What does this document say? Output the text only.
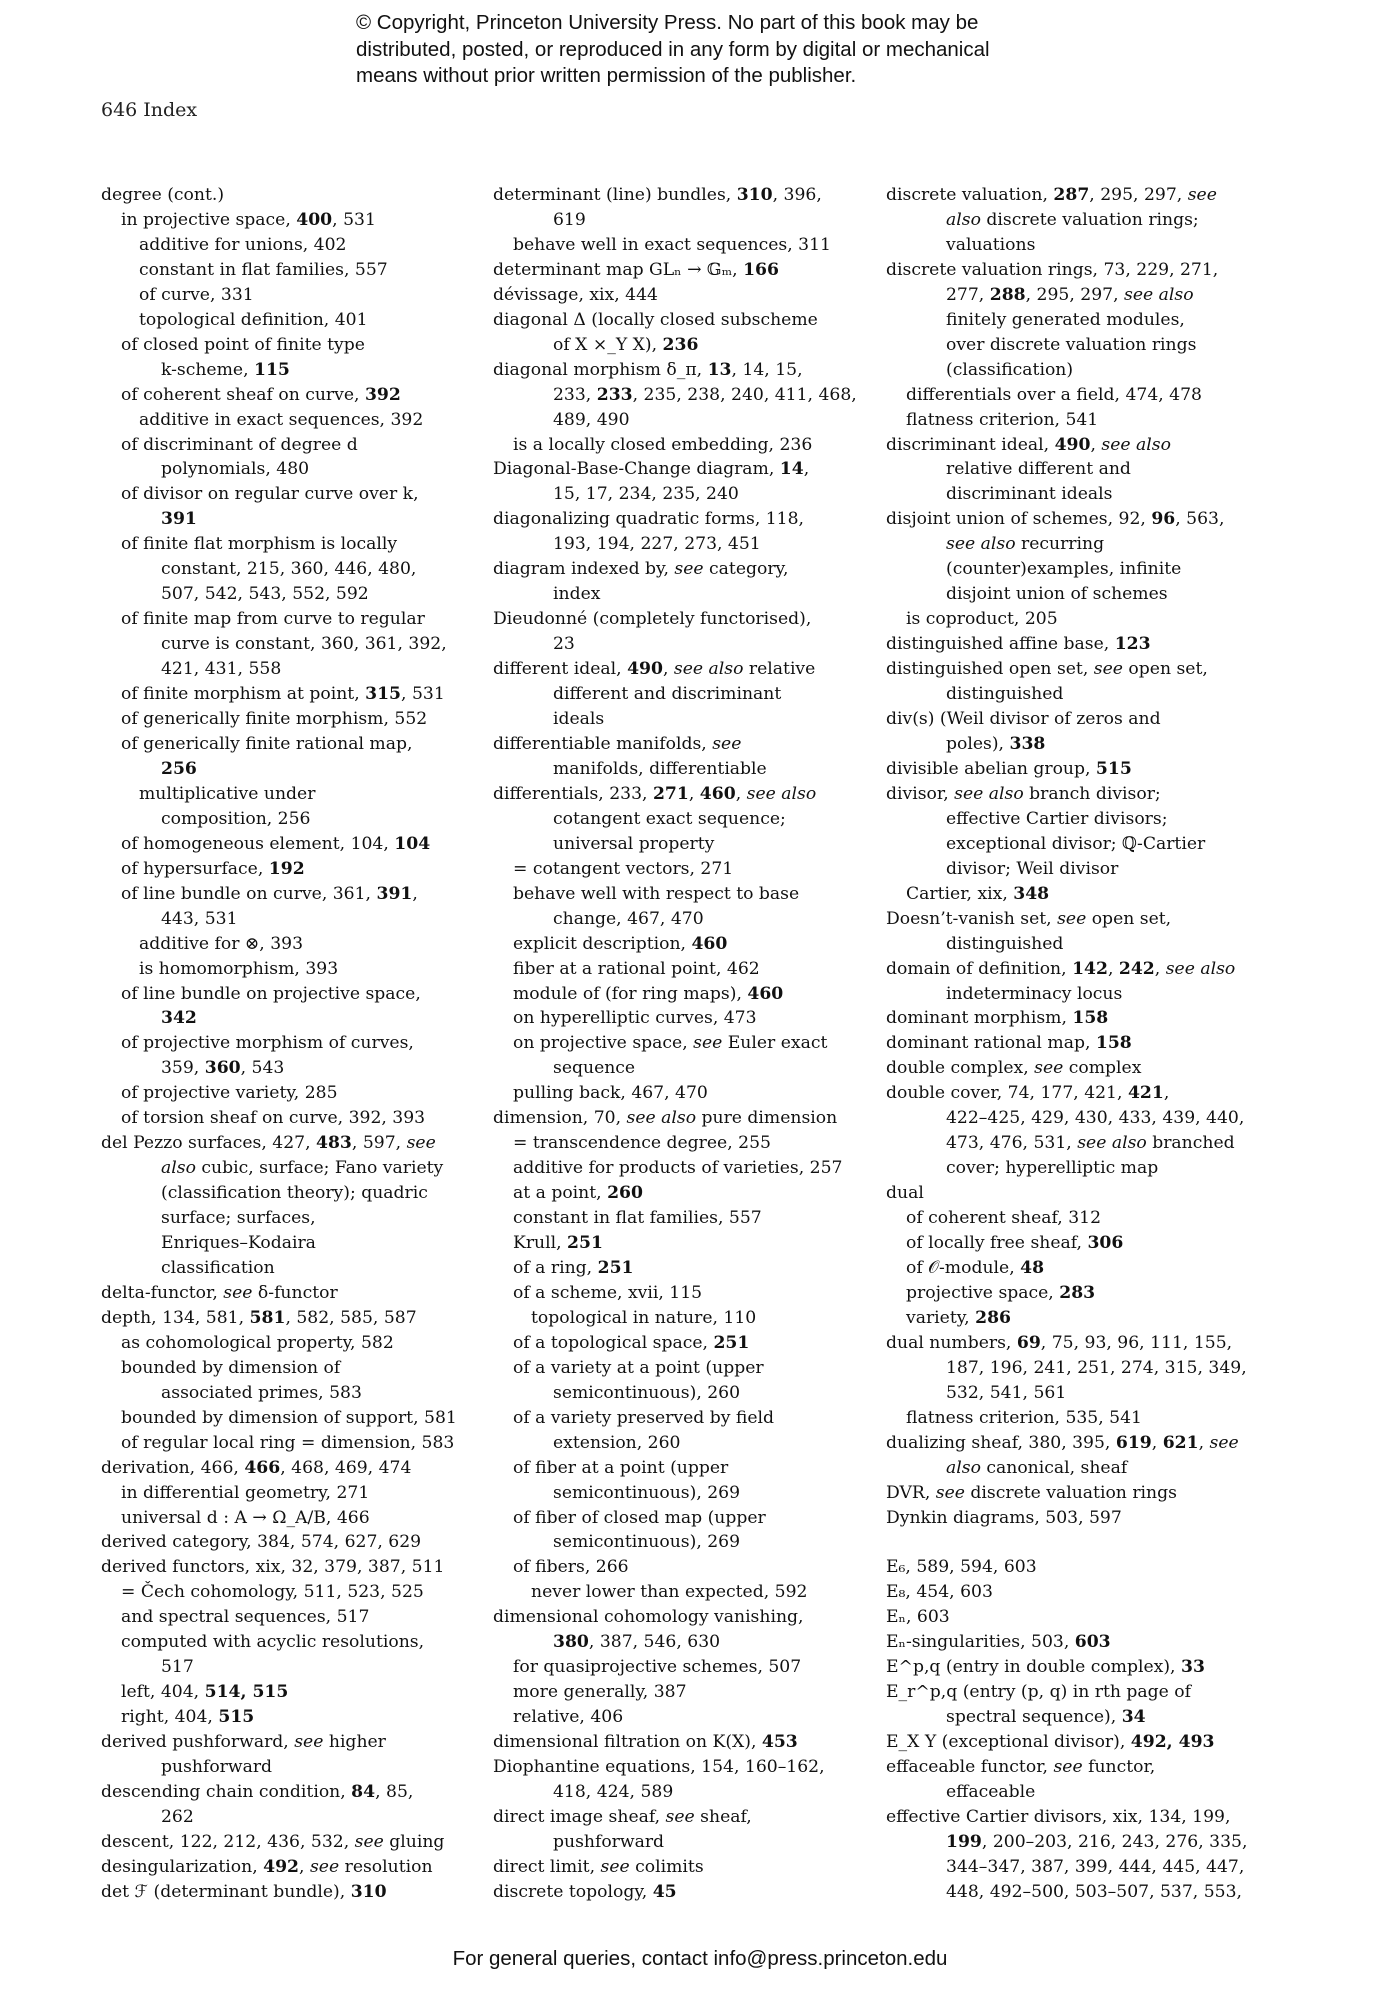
© Copyright, Princeton University Press. No part of this book may be
distributed, posted, or reproduced in any form by digital or mechanical
means without prior written permission of the publisher.
646 Index
degree (cont.)
in projective space, 400, 531
additive for unions, 402
constant in flat families, 557
of curve, 331
topological definition, 401
of closed point of finite type
k-scheme, 115
of coherent sheaf on curve, 392
additive in exact sequences, 392
of discriminant of degree d
polynomials, 480
of divisor on regular curve over k,
391
of finite flat morphism is locally
constant, 215, 360, 446, 480,
507, 542, 543, 552, 592
of finite map from curve to regular
curve is constant, 360, 361, 392,
421, 431, 558
of finite morphism at point, 315, 531
of generically finite morphism, 552
of generically finite rational map,
256
multiplicative under
composition, 256
of homogeneous element, 104, 104
of hypersurface, 192
of line bundle on curve, 361, 391,
443, 531
additive for ⊗, 393
is homomorphism, 393
of line bundle on projective space,
342
of projective morphism of curves,
359, 360, 543
of projective variety, 285
of torsion sheaf on curve, 392, 393
del Pezzo surfaces, 427, 483, 597, see
also cubic, surface; Fano variety
(classification theory); quadric
surface; surfaces,
Enriques–Kodaira
classification
delta-functor, see δ-functor
depth, 134, 581, 581, 582, 585, 587
as cohomological property, 582
bounded by dimension of
associated primes, 583
bounded by dimension of support, 581
of regular local ring = dimension, 583
derivation, 466, 466, 468, 469, 474
in differential geometry, 271
universal d : A → Ω_A/B, 466
derived category, 384, 574, 627, 629
derived functors, xix, 32, 379, 387, 511
= Čech cohomology, 511, 523, 525
and spectral sequences, 517
computed with acyclic resolutions,
517
left, 404, 514, 515
right, 404, 515
derived pushforward, see higher
pushforward
descending chain condition, 84, 85,
262
descent, 122, 212, 436, 532, see gluing
desingularization, 492, see resolution
det ℱ (determinant bundle), 310
determinant (line) bundles, 310, 396,
619
behave well in exact sequences, 311
determinant map GLₙ → 𝔾ₘ, 166
dévissage, xix, 444
diagonal Δ (locally closed subscheme
of X ×_Y X), 236
diagonal morphism δ_π, 13, 14, 15,
233, 233, 235, 238, 240, 411, 468,
489, 490
is a locally closed embedding, 236
Diagonal-Base-Change diagram, 14,
15, 17, 234, 235, 240
diagonalizing quadratic forms, 118,
193, 194, 227, 273, 451
diagram indexed by, see category,
index
Dieudonné (completely functorised),
23
different ideal, 490, see also relative
different and discriminant
ideals
differentiable manifolds, see
manifolds, differentiable
differentials, 233, 271, 460, see also
cotangent exact sequence;
universal property
= cotangent vectors, 271
behave well with respect to base
change, 467, 470
explicit description, 460
fiber at a rational point, 462
module of (for ring maps), 460
on hyperelliptic curves, 473
on projective space, see Euler exact
sequence
pulling back, 467, 470
dimension, 70, see also pure dimension
= transcendence degree, 255
additive for products of varieties, 257
at a point, 260
constant in flat families, 557
Krull, 251
of a ring, 251
of a scheme, xvii, 115
topological in nature, 110
of a topological space, 251
of a variety at a point (upper
semicontinuous), 260
of a variety preserved by field
extension, 260
of fiber at a point (upper
semicontinuous), 269
of fiber of closed map (upper
semicontinuous), 269
of fibers, 266
never lower than expected, 592
dimensional cohomology vanishing,
380, 387, 546, 630
for quasiprojective schemes, 507
more generally, 387
relative, 406
dimensional filtration on K(X), 453
Diophantine equations, 154, 160–162,
418, 424, 589
direct image sheaf, see sheaf,
pushforward
direct limit, see colimits
discrete topology, 45
discrete valuation, 287, 295, 297, see
also discrete valuation rings;
valuations
discrete valuation rings, 73, 229, 271,
277, 288, 295, 297, see also
finitely generated modules,
over discrete valuation rings
(classification)
differentials over a field, 474, 478
flatness criterion, 541
discriminant ideal, 490, see also
relative different and
discriminant ideals
disjoint union of schemes, 92, 96, 563,
see also recurring
(counter)examples, infinite
disjoint union of schemes
is coproduct, 205
distinguished affine base, 123
distinguished open set, see open set,
distinguished
div(s) (Weil divisor of zeros and
poles), 338
divisible abelian group, 515
divisor, see also branch divisor;
effective Cartier divisors;
exceptional divisor; ℚ-Cartier
divisor; Weil divisor
Cartier, xix, 348
Doesn’t-vanish set, see open set,
distinguished
domain of definition, 142, 242, see also
indeterminacy locus
dominant morphism, 158
dominant rational map, 158
double complex, see complex
double cover, 74, 177, 421, 421,
422–425, 429, 430, 433, 439, 440,
473, 476, 531, see also branched
cover; hyperelliptic map
dual
of coherent sheaf, 312
of locally free sheaf, 306
of 𝒪-module, 48
projective space, 283
variety, 286
dual numbers, 69, 75, 93, 96, 111, 155,
187, 196, 241, 251, 274, 315, 349,
532, 541, 561
flatness criterion, 535, 541
dualizing sheaf, 380, 395, 619, 621, see
also canonical, sheaf
DVR, see discrete valuation rings
Dynkin diagrams, 503, 597
E₆, 589, 594, 603
E₈, 454, 603
Eₙ, 603
Eₙ-singularities, 503, 603
E^p,q (entry in double complex), 33
E_r^p,q (entry (p, q) in rth page of
spectral sequence), 34
E_X Y (exceptional divisor), 492, 493
effaceable functor, see functor,
effaceable
effective Cartier divisors, xix, 134, 199,
199, 200–203, 216, 243, 276, 335,
344–347, 387, 399, 444, 445, 447,
448, 492–500, 503–507, 537, 553,
For general queries, contact info@press.princeton.edu
